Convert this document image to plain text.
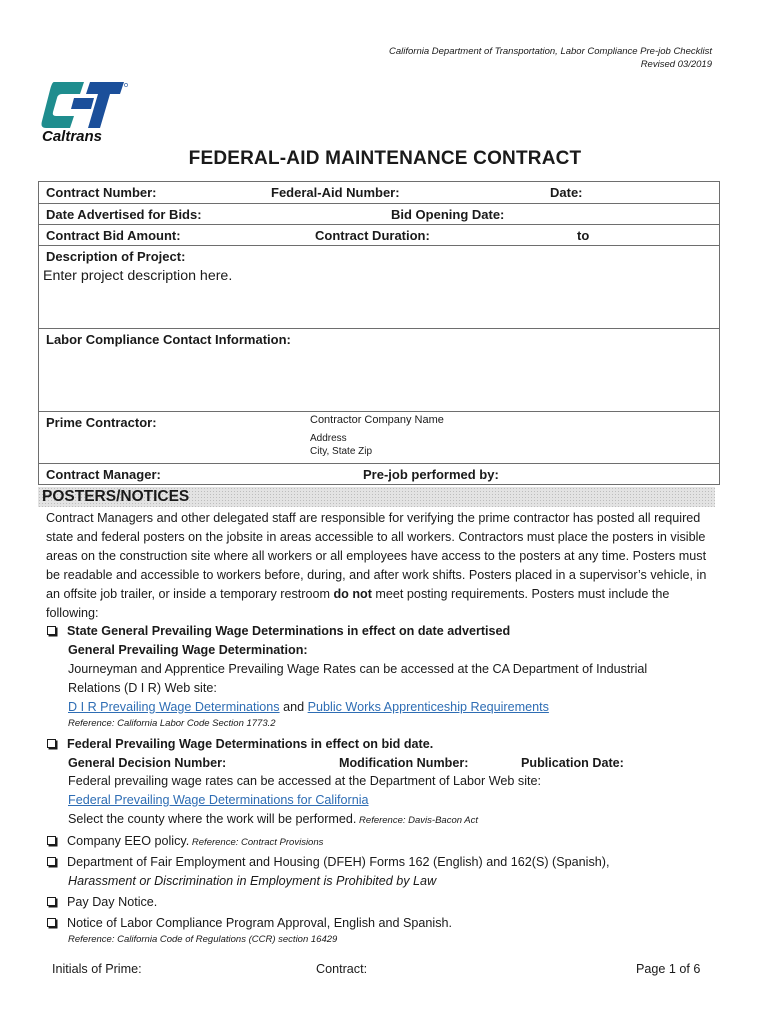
California Department of Transportation, Labor Compliance Pre-job Checklist
Revised 03/2019
Caltrans
FEDERAL-AID MAINTENANCE CONTRACT
Contract Number:	Federal-Aid Number:	Date:
Date Advertised for Bids:	Bid Opening Date:
Contract Bid Amount:	Contract Duration:	to
Description of Project:
Enter project description here.
Labor Compliance Contact Information:
Prime Contractor:	Contractor Company Name
Address
City, State Zip
Contract Manager:	Pre-job performed by:
POSTERS/NOTICES
Contract Managers and other delegated staff are responsible for verifying the prime contractor has posted all required state and federal posters on the jobsite in areas accessible to all workers. Contractors must place the posters in visible areas on the construction site where all workers or all employees have access to the posters at any time. Posters must be readable and accessible to workers before, during, and after work shifts. Posters placed in a supervisor’s vehicle, in an offsite job trailer, or inside a temporary restroom do not meet posting requirements. Posters must include the following:
State General Prevailing Wage Determinations in effect on date advertised
General Prevailing Wage Determination:
Journeyman and Apprentice Prevailing Wage Rates can be accessed at the CA Department of Industrial
Relations (D I R) Web site:
D I R Prevailing Wage Determinations and Public Works Apprenticeship Requirements
Reference: California Labor Code Section 1773.2
Federal Prevailing Wage Determinations in effect on bid date.
General Decision Number:	Modification Number:	Publication Date:
Federal prevailing wage rates can be accessed at the Department of Labor Web site:
Federal Prevailing Wage Determinations for California
Select the county where the work will be performed. Reference: Davis-Bacon Act
Company EEO policy. Reference: Contract Provisions
Department of Fair Employment and Housing (DFEH) Forms 162 (English) and 162(S) (Spanish),
Harassment or Discrimination in Employment is Prohibited by Law
Pay Day Notice.
Notice of Labor Compliance Program Approval, English and Spanish.
Reference: California Code of Regulations (CCR) section 16429
Initials of Prime:	Contract:	Page 1 of 6
